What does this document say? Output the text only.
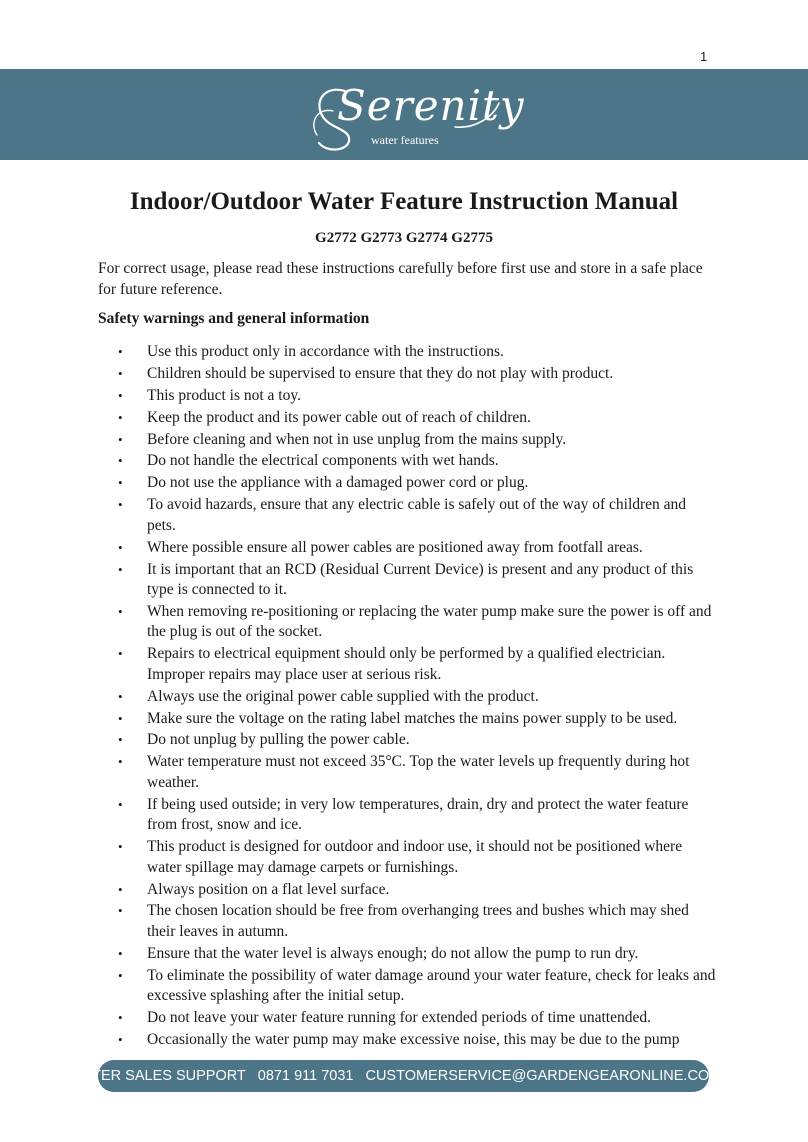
1
Serenity
water features
Indoor/Outdoor Water Feature Instruction Manual

G2772 G2773 G2774 G2775

For correct usage, please read these instructions carefully before first use and store in a safe place for future reference.

Safety warnings and general information

• Use this product only in accordance with the instructions.
• Children should be supervised to ensure that they do not play with product.
• This product is not a toy.
• Keep the product and its power cable out of reach of children.
• Before cleaning and when not in use unplug from the mains supply.
• Do not handle the electrical components with wet hands.
• Do not use the appliance with a damaged power cord or plug.
• To avoid hazards, ensure that any electric cable is safely out of the way of children and pets.
• Where possible ensure all power cables are positioned away from footfall areas.
• It is important that an RCD (Residual Current Device) is present and any product of this type is connected to it.
• When removing re-positioning or replacing the water pump make sure the power is off and the plug is out of the socket.
• Repairs to electrical equipment should only be performed by a qualified electrician. Improper repairs may place user at serious risk.
• Always use the original power cable supplied with the product.
• Make sure the voltage on the rating label matches the mains power supply to be used.
• Do not unplug by pulling the power cable.
• Water temperature must not exceed 35°C. Top the water levels up frequently during hot weather.
• If being used outside; in very low temperatures, drain, dry and protect the water feature from frost, snow and ice.
• This product is designed for outdoor and indoor use, it should not be positioned where water spillage may damage carpets or furnishings.
• Always position on a flat level surface.
• The chosen location should be free from overhanging trees and bushes which may shed their leaves in autumn.
• Ensure that the water level is always enough; do not allow the pump to run dry.
• To eliminate the possibility of water damage around your water feature, check for leaks and excessive splashing after the initial setup.
• Do not leave your water feature running for extended periods of time unattended.
• Occasionally the water pump may make excessive noise, this may be due to the pump
AFTER SALES SUPPORT 0871 911 7031 CUSTOMERSERVICE@GARDENGEARONLINE.CO.UK
